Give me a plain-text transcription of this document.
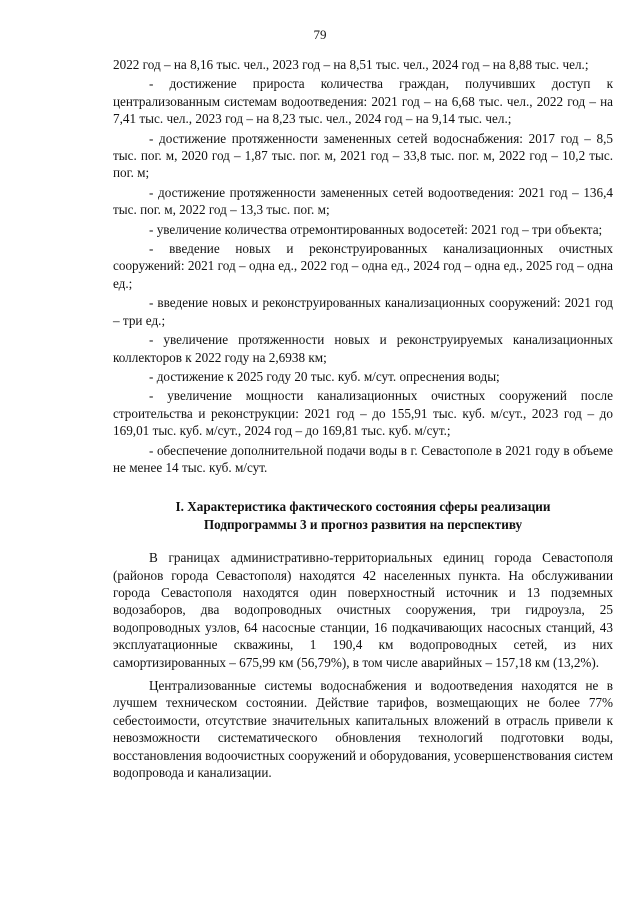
79

2022 год – на 8,16 тыс. чел., 2023 год – на 8,51 тыс. чел., 2024 год – на 8,88 тыс. чел.;

- достижение прироста количества граждан, получивших доступ к централизованным системам водоотведения: 2021 год – на 6,68 тыс. чел., 2022 год – на 7,41 тыс. чел., 2023 год – на 8,23 тыс. чел., 2024 год – на 9,14 тыс. чел.;

- достижение протяженности замененных сетей водоснабжения: 2017 год – 8,5 тыс. пог. м, 2020 год – 1,87 тыс. пог. м, 2021 год – 33,8 тыс. пог. м, 2022 год – 10,2 тыс. пог. м;

- достижение протяженности замененных сетей водоотведения: 2021 год – 136,4 тыс. пог. м, 2022 год – 13,3 тыс. пог. м;

- увеличение количества отремонтированных водосетей: 2021 год – три объекта;

- введение новых и реконструированных канализационных очистных сооружений: 2021 год – одна ед., 2022 год – одна ед., 2024 год – одна ед., 2025 год – одна ед.;

- введение новых и реконструированных канализационных сооружений: 2021 год – три ед.;

- увеличение протяженности новых и реконструируемых канализационных коллекторов к 2022 году на 2,6938 км;

- достижение к 2025 году 20 тыс. куб. м/сут. опреснения воды;

- увеличение мощности канализационных очистных сооружений после строительства и реконструкции: 2021 год – до 155,91 тыс. куб. м/сут., 2023 год – до 169,01 тыс. куб. м/сут., 2024 год – до 169,81 тыс. куб. м/сут.;

- обеспечение дополнительной подачи воды в г. Севастополе в 2021 году в объеме не менее 14 тыс. куб. м/сут.

I. Характеристика фактического состояния сферы реализации
Подпрограммы 3 и прогноз развития на перспективу

В границах административно-территориальных единиц города Севастополя (районов города Севастополя) находятся 42 населенных пункта. На обслуживании города Севастополя находятся один поверхностный источник и 13 подземных водозаборов, два водопроводных очистных сооружения, три гидроузла, 25 водопроводных узлов, 64 насосные станции, 16 подкачивающих насосных станций, 43 эксплуатационные скважины, 1 190,4 км водопроводных сетей, из них самортизированных – 675,99 км (56,79%), в том числе аварийных – 157,18 км (13,2%).

Централизованные системы водоснабжения и водоотведения находятся не в лучшем техническом состоянии. Действие тарифов, возмещающих не более 77% себестоимости, отсутствие значительных капитальных вложений в отрасль привели к невозможности систематического обновления технологий подготовки воды, восстановления водоочистных сооружений и оборудования, усовершенствования систем водопровода и канализации.
